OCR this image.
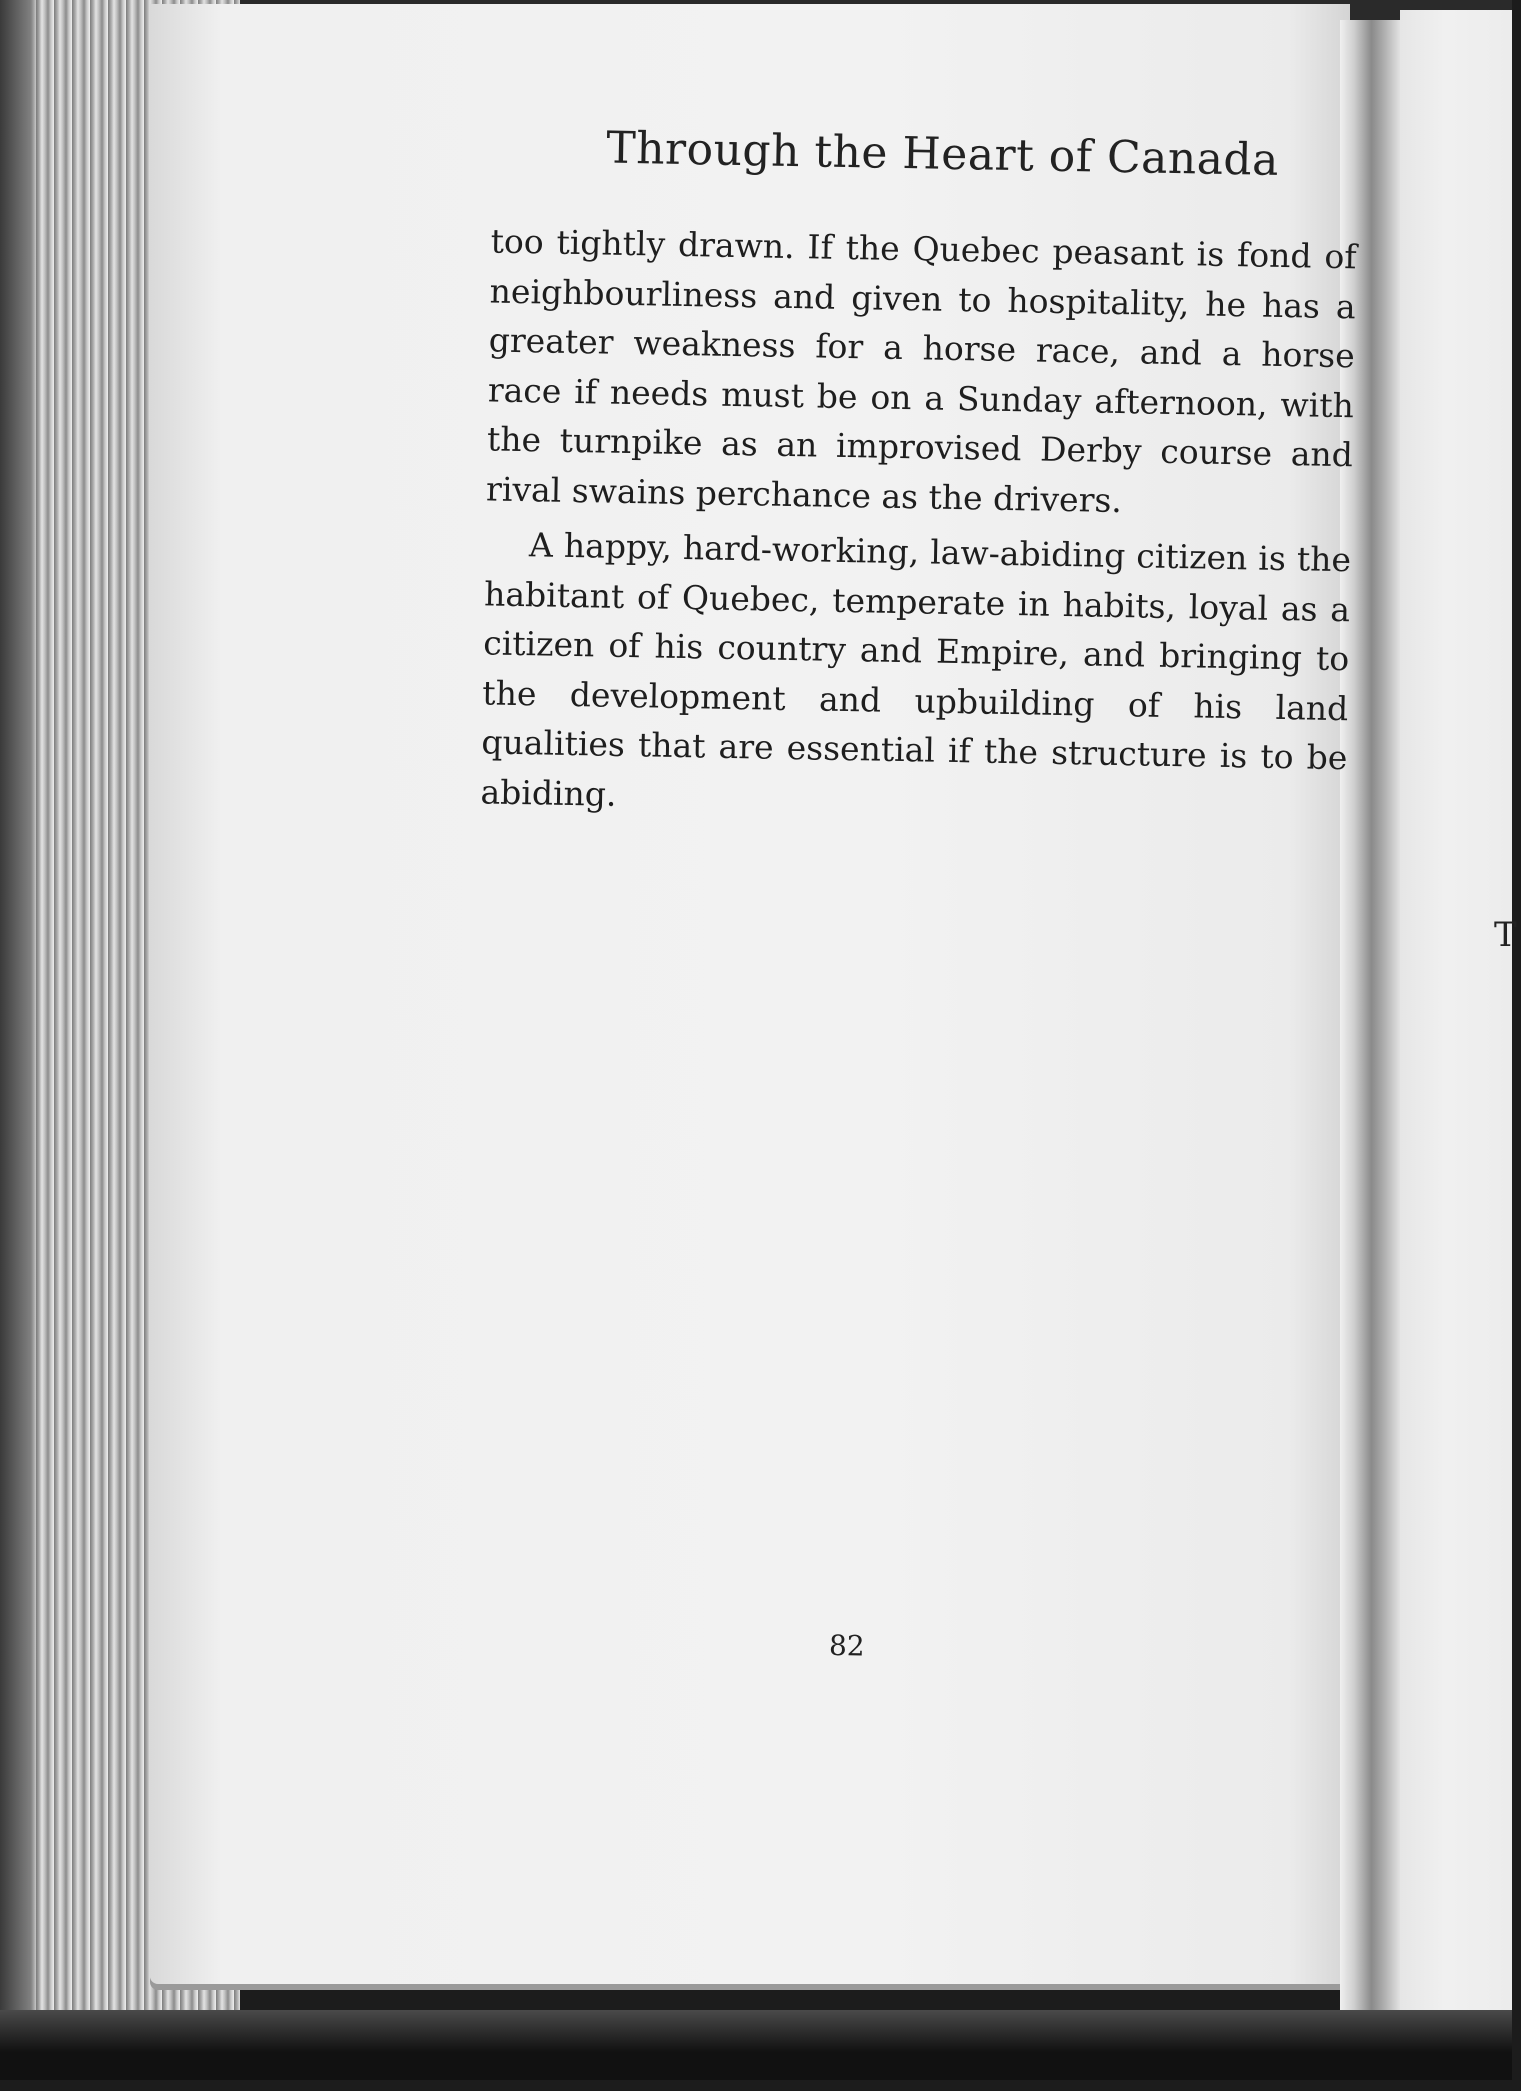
T
Through the Heart of Canada

too tightly drawn. If the Quebec peasant is fond of neighbourliness and given to hospitality, he has a greater weakness for a horse race, and a horse race if needs must be on a Sunday afternoon, with the turnpike as an improvised Derby course and rival swains perchance as the drivers.

A happy, hard-working, law-abiding citizen is the habitant of Quebec, temperate in habits, loyal as a citizen of his country and Empire, and bringing to the development and upbuilding of his land qualities that are essential if the structure is to be abiding.

82
